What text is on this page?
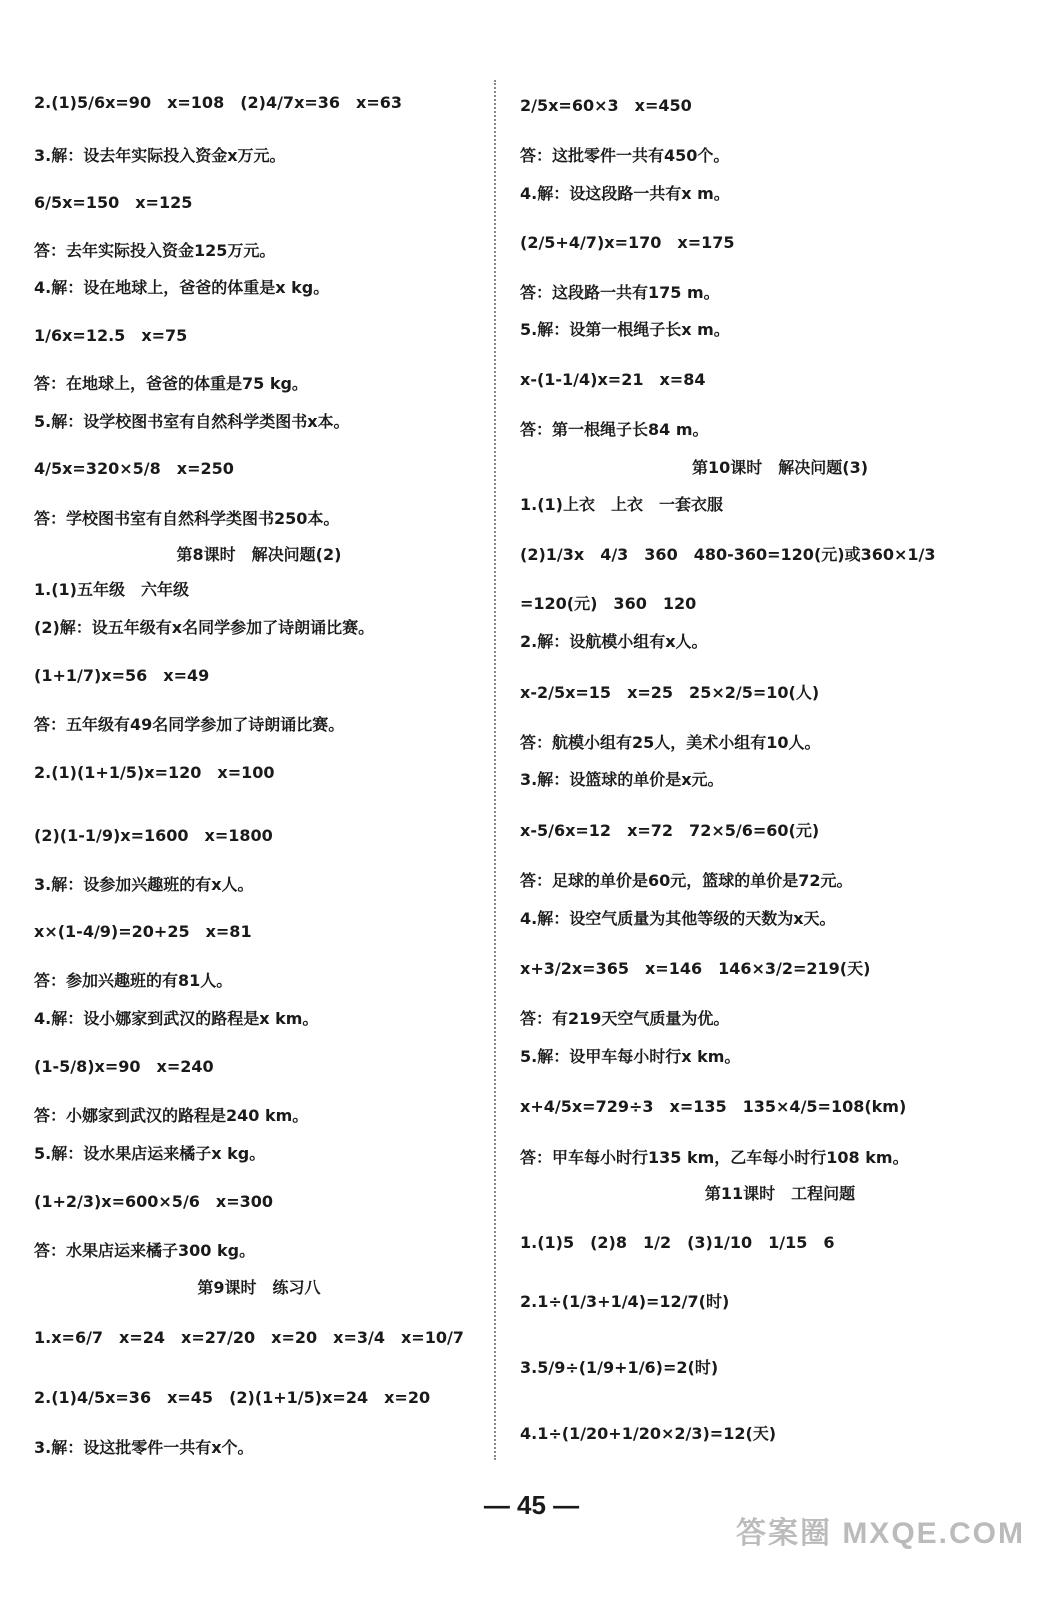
2.(1)5/6x=90　x=108　(2)4/7x=36　x=63
3.解：设去年实际投入资金x万元。
6/5x=150　x=125
答：去年实际投入资金125万元。
4.解：设在地球上，爸爸的体重是x kg。
1/6x=12.5　x=75
答：在地球上，爸爸的体重是75 kg。
5.解：设学校图书室有自然科学类图书x本。
4/5x=320×5/8　x=250
答：学校图书室有自然科学类图书250本。
第8课时　解决问题(2)
1.(1)五年级　六年级
(2)解：设五年级有x名同学参加了诗朗诵比赛。
(1+1/7)x=56　x=49
答：五年级有49名同学参加了诗朗诵比赛。
2.(1)(1+1/5)x=120　x=100
(2)(1-1/9)x=1600　x=1800
3.解：设参加兴趣班的有x人。
x×(1-4/9)=20+25　x=81
答：参加兴趣班的有81人。
4.解：设小娜家到武汉的路程是x km。
(1-5/8)x=90　x=240
答：小娜家到武汉的路程是240 km。
5.解：设水果店运来橘子x kg。
(1+2/3)x=600×5/6　x=300
答：水果店运来橘子300 kg。
第9课时　练习八
1.x=6/7　x=24　x=27/20　x=20　x=3/4　x=10/7
2.(1)4/5x=36　x=45　(2)(1+1/5)x=24　x=20
3.解：设这批零件一共有x个。
2/5x=60×3　x=450
答：这批零件一共有450个。
4.解：设这段路一共有x m。
(2/5+4/7)x=170　x=175
答：这段路一共有175 m。
5.解：设第一根绳子长x m。
x-(1-1/4)x=21　x=84
答：第一根绳子长84 m。
第10课时　解决问题(3)
1.(1)上衣　上衣　一套衣服
(2)1/3x　4/3　360　480-360=120(元)或360×1/3
=120(元)　360　120
2.解：设航模小组有x人。
x-2/5x=15　x=25　25×2/5=10(人)
答：航模小组有25人，美术小组有10人。
3.解：设篮球的单价是x元。
x-5/6x=12　x=72　72×5/6=60(元)
答：足球的单价是60元，篮球的单价是72元。
4.解：设空气质量为其他等级的天数为x天。
x+3/2x=365　x=146　146×3/2=219(天)
答：有219天空气质量为优。
5.解：设甲车每小时行x km。
x+4/5x=729÷3　x=135　135×4/5=108(km)
答：甲车每小时行135 km，乙车每小时行108 km。
第11课时　工程问题
1.(1)5　(2)8　1/2　(3)1/10　1/15　6
2.1÷(1/3+1/4)=12/7(时)
3.5/9÷(1/9+1/6)=2(时)
4.1÷(1/20+1/20×2/3)=12(天)
— 45 —
答案圈 MXQE.COM
